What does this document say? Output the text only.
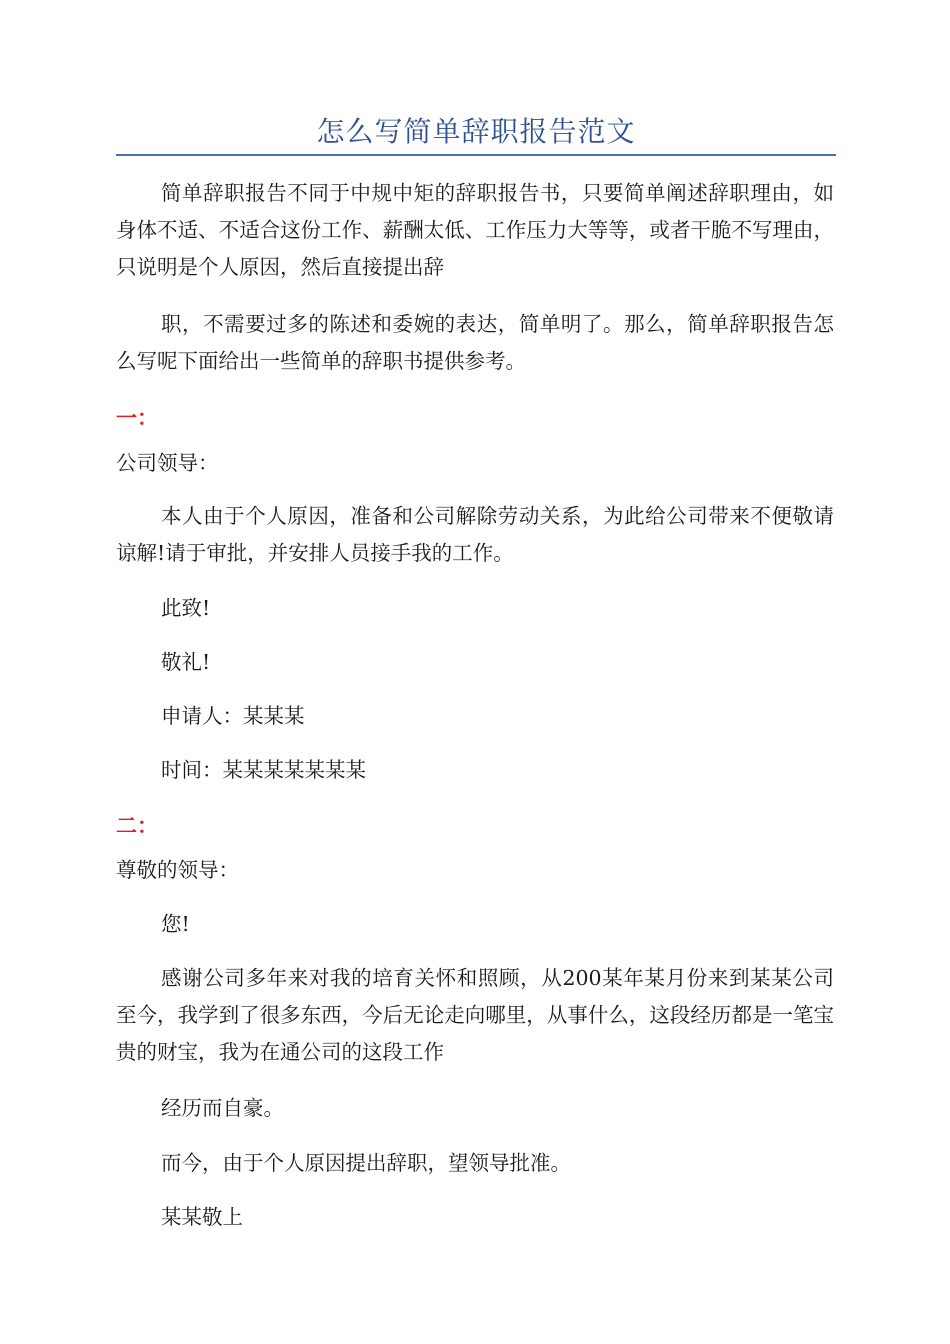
怎么写简单辞职报告范文

简单辞职报告不同于中规中矩的辞职报告书，只要简单阐述辞职理由，如身体不适、不适合这份工作、薪酬太低、工作压力大等等，或者干脆不写理由，只说明是个人原因，然后直接提出辞

职，不需要过多的陈述和委婉的表达，简单明了。那么，简单辞职报告怎么写呢下面给出一些简单的辞职书提供参考。

一：

公司领导：

本人由于个人原因，准备和公司解除劳动关系，为此给公司带来不便敬请谅解!请于审批，并安排人员接手我的工作。

此致!

敬礼!

申请人：某某某

时间：某某某某某某某

二：

尊敬的领导：

您!

感谢公司多年来对我的培育关怀和照顾，从200某年某月份来到某某公司至今，我学到了很多东西，今后无论走向哪里，从事什么，这段经历都是一笔宝贵的财宝，我为在通公司的这段工作

经历而自豪。

而今，由于个人原因提出辞职，望领导批准。

某某敬上
